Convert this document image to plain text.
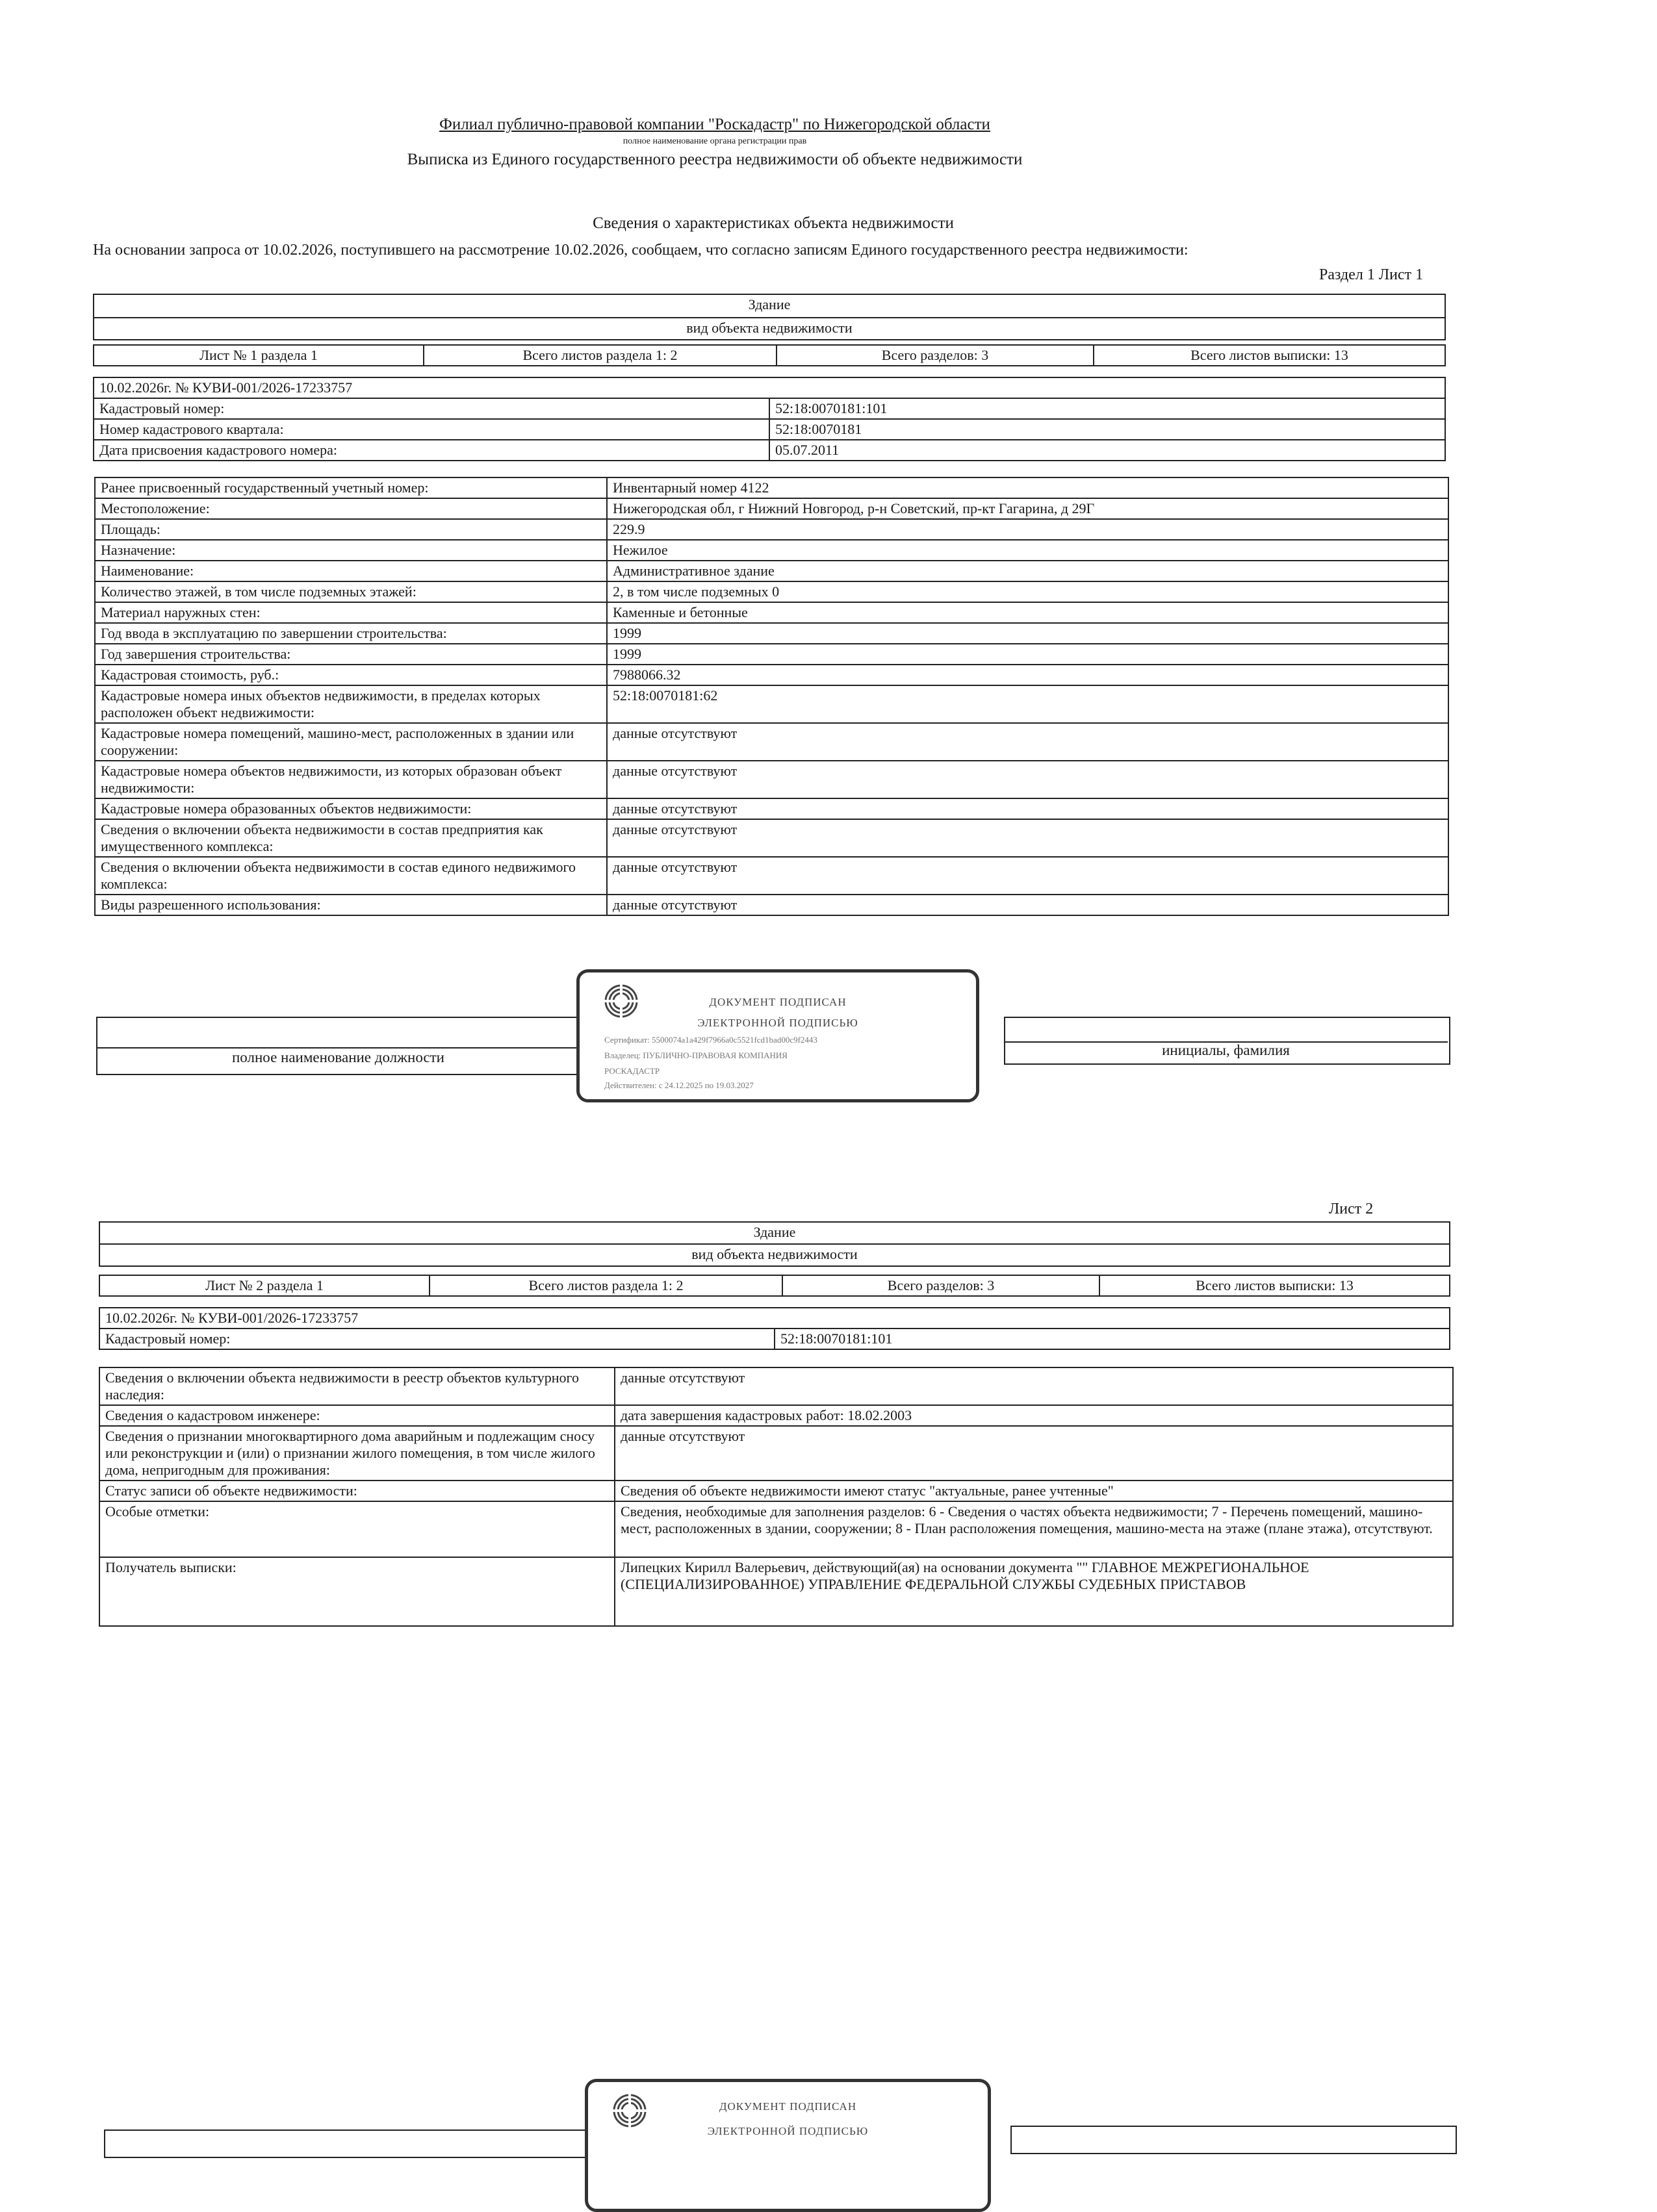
Филиал публично-правовой компании "Роскадастр" по Нижегородской области
полное наименование органа регистрации прав
Выписка из Единого государственного реестра недвижимости об объекте недвижимости
Сведения о характеристиках объекта недвижимости
На основании запроса от 10.02.2026, поступившего на рассмотрение 10.02.2026, сообщаем, что согласно записям Единого государственного реестра недвижимости:
Раздел 1 Лист 1
Здание
вид объекта недвижимости
Лист № 1 раздела 1	Всего листов раздела 1: 2	Всего разделов: 3	Всего листов выписки: 13
10.02.2026г. № КУВИ-001/2026-17233757	
Кадастровый номер:	52:18:0070181:101
Номер кадастрового квартала:	52:18:0070181
Дата присвоения кадастрового номера:	05.07.2011
Ранее присвоенный государственный учетный номер:	Инвентарный номер 4122
Местоположение:	Нижегородская обл, г Нижний Новгород, р-н Советский, пр-кт Гагарина, д 29Г
Площадь:	229.9
Назначение:	Нежилое
Наименование:	Административное здание
Количество этажей, в том числе подземных этажей:	2, в том числе подземных 0
Материал наружных стен:	Каменные и бетонные
Год ввода в эксплуатацию по завершении строительства:	1999
Год завершения строительства:	1999
Кадастровая стоимость, руб.:	7988066.32
Кадастровые номера иных объектов недвижимости, в пределах которых расположен объект недвижимости:	52:18:0070181:62
Кадастровые номера помещений, машино-мест, расположенных в здании или сооружении:	данные отсутствуют
Кадастровые номера объектов недвижимости, из которых образован объект недвижимости:	данные отсутствуют
Кадастровые номера образованных объектов недвижимости:	данные отсутствуют
Сведения о включении объекта недвижимости в состав предприятия как имущественного комплекса:	данные отсутствуют
Сведения о включении объекта недвижимости в состав единого недвижимого комплекса:	данные отсутствуют
Виды разрешенного использования:	данные отсутствуют
полное наименование должности	инициалы, фамилия
ДОКУМЕНТ ПОДПИСАН
ЭЛЕКТРОННОЙ ПОДПИСЬЮ
Сертификат: 5500074a1a429f7966a0c5521fcd1bad00c9f2443
Владелец: ПУБЛИЧНО-ПРАВОВАЯ КОМПАНИЯ
РОСКАДАСТР
Действителен: с 24.12.2025 по 19.03.2027
Лист 2
Здание
вид объекта недвижимости
Лист № 2 раздела 1	Всего листов раздела 1: 2	Всего разделов: 3	Всего листов выписки: 13
10.02.2026г. № КУВИ-001/2026-17233757
Кадастровый номер:	52:18:0070181:101
Сведения о включении объекта недвижимости в реестр объектов культурного наследия:	данные отсутствуют
Сведения о кадастровом инженере:	дата завершения кадастровых работ: 18.02.2003
Сведения о признании многоквартирного дома аварийным и подлежащим сносу или реконструкции и (или) о признании жилого помещения, в том числе жилого дома, непригодным для проживания:	данные отсутствуют
Статус записи об объекте недвижимости:	Сведения об объекте недвижимости имеют статус "актуальные, ранее учтенные"
Особые отметки:	Сведения, необходимые для заполнения разделов: 6 - Сведения о частях объекта недвижимости; 7 - Перечень помещений, машино-мест, расположенных в здании, сооружении; 8 - План расположения помещения, машино-места на этаже (плане этажа), отсутствуют.
Получатель выписки:	Липецких Кирилл Валерьевич, действующий(ая) на основании документа "" ГЛАВНОЕ МЕЖРЕГИОНАЛЬНОЕ (СПЕЦИАЛИЗИРОВАННОЕ) УПРАВЛЕНИЕ ФЕДЕРАЛЬНОЙ СЛУЖБЫ СУДЕБНЫХ ПРИСТАВОВ
ДОКУМЕНТ ПОДПИСАН
ЭЛЕКТРОННОЙ ПОДПИСЬЮ
